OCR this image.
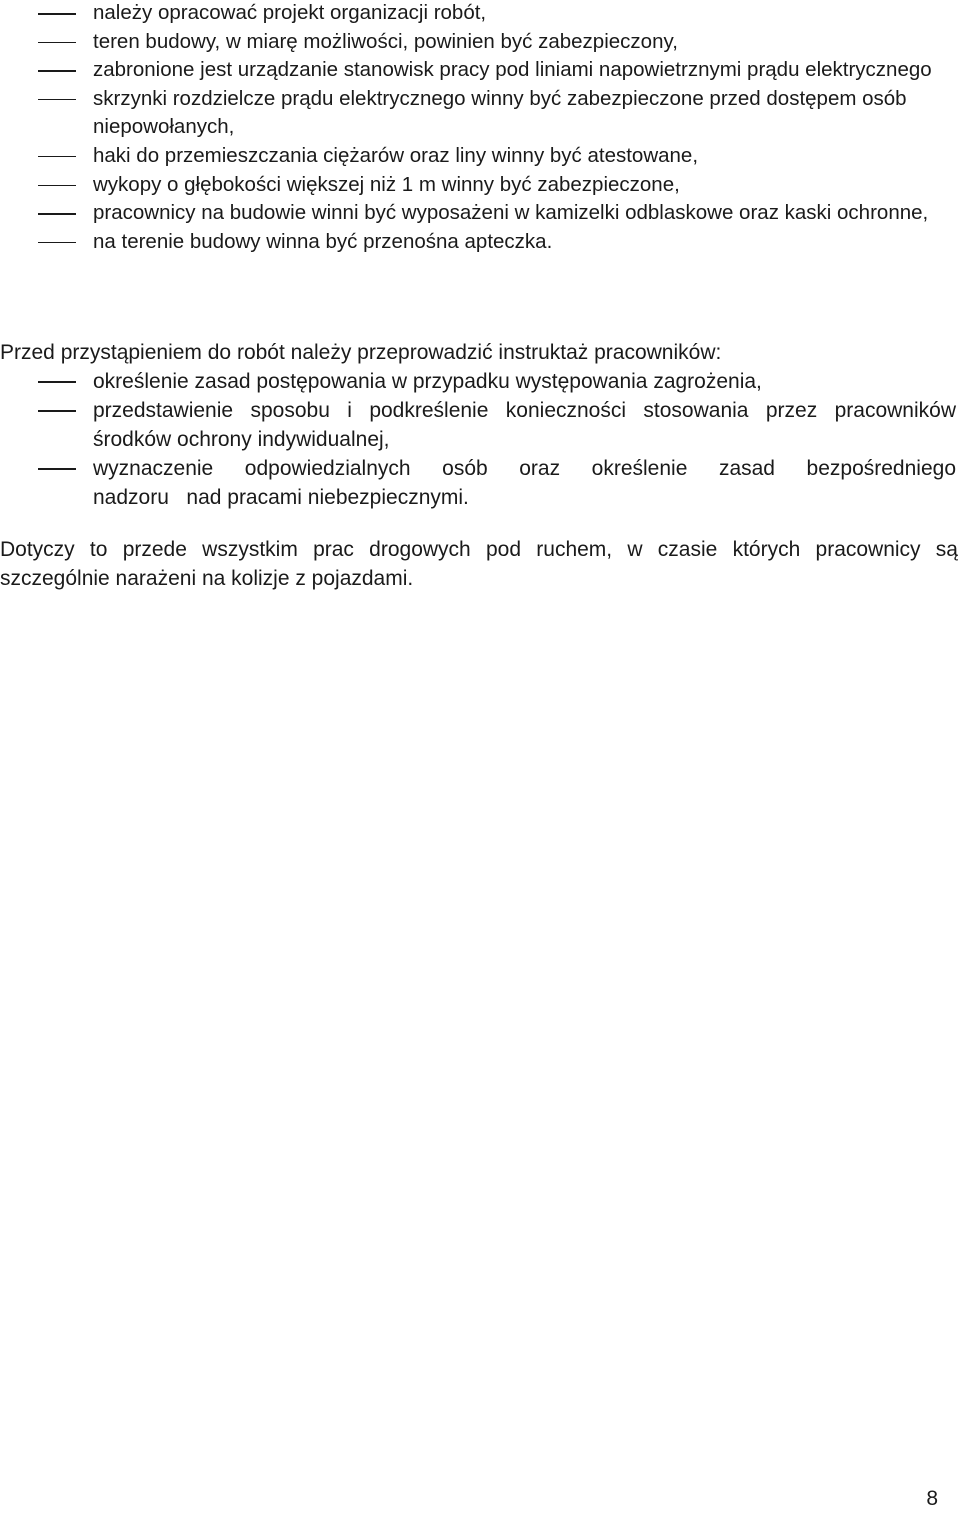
należy opracować projekt organizacji robót,
teren budowy, w miarę możliwości, powinien być zabezpieczony,
zabronione jest urządzanie stanowisk pracy pod liniami napowietrznymi prądu elektrycznego
skrzynki rozdzielcze prądu elektrycznego winny być zabezpieczone przed dostępem osób niepowołanych,
haki do przemieszczania ciężarów oraz liny winny być atestowane,
wykopy o głębokości większej niż 1 m winny być zabezpieczone,
pracownicy na budowie winni być wyposażeni w kamizelki odblaskowe oraz kaski ochronne,
na terenie budowy winna być przenośna apteczka.

Przed przystąpieniem do robót należy przeprowadzić instruktaż pracowników:

określenie zasad postępowania w przypadku występowania zagrożenia,
przedstawienie sposobu i podkreślenie konieczności stosowania przez pracowników środków ochrony indywidualnej,
wyznaczenie odpowiedzialnych osób oraz określenie zasad bezpośredniego
nadzoru   nad pracami niebezpiecznymi.

Dotyczy to przede wszystkim prac drogowych pod ruchem, w czasie których pracownicy są szczególnie narażeni na kolizje z pojazdami.

8
